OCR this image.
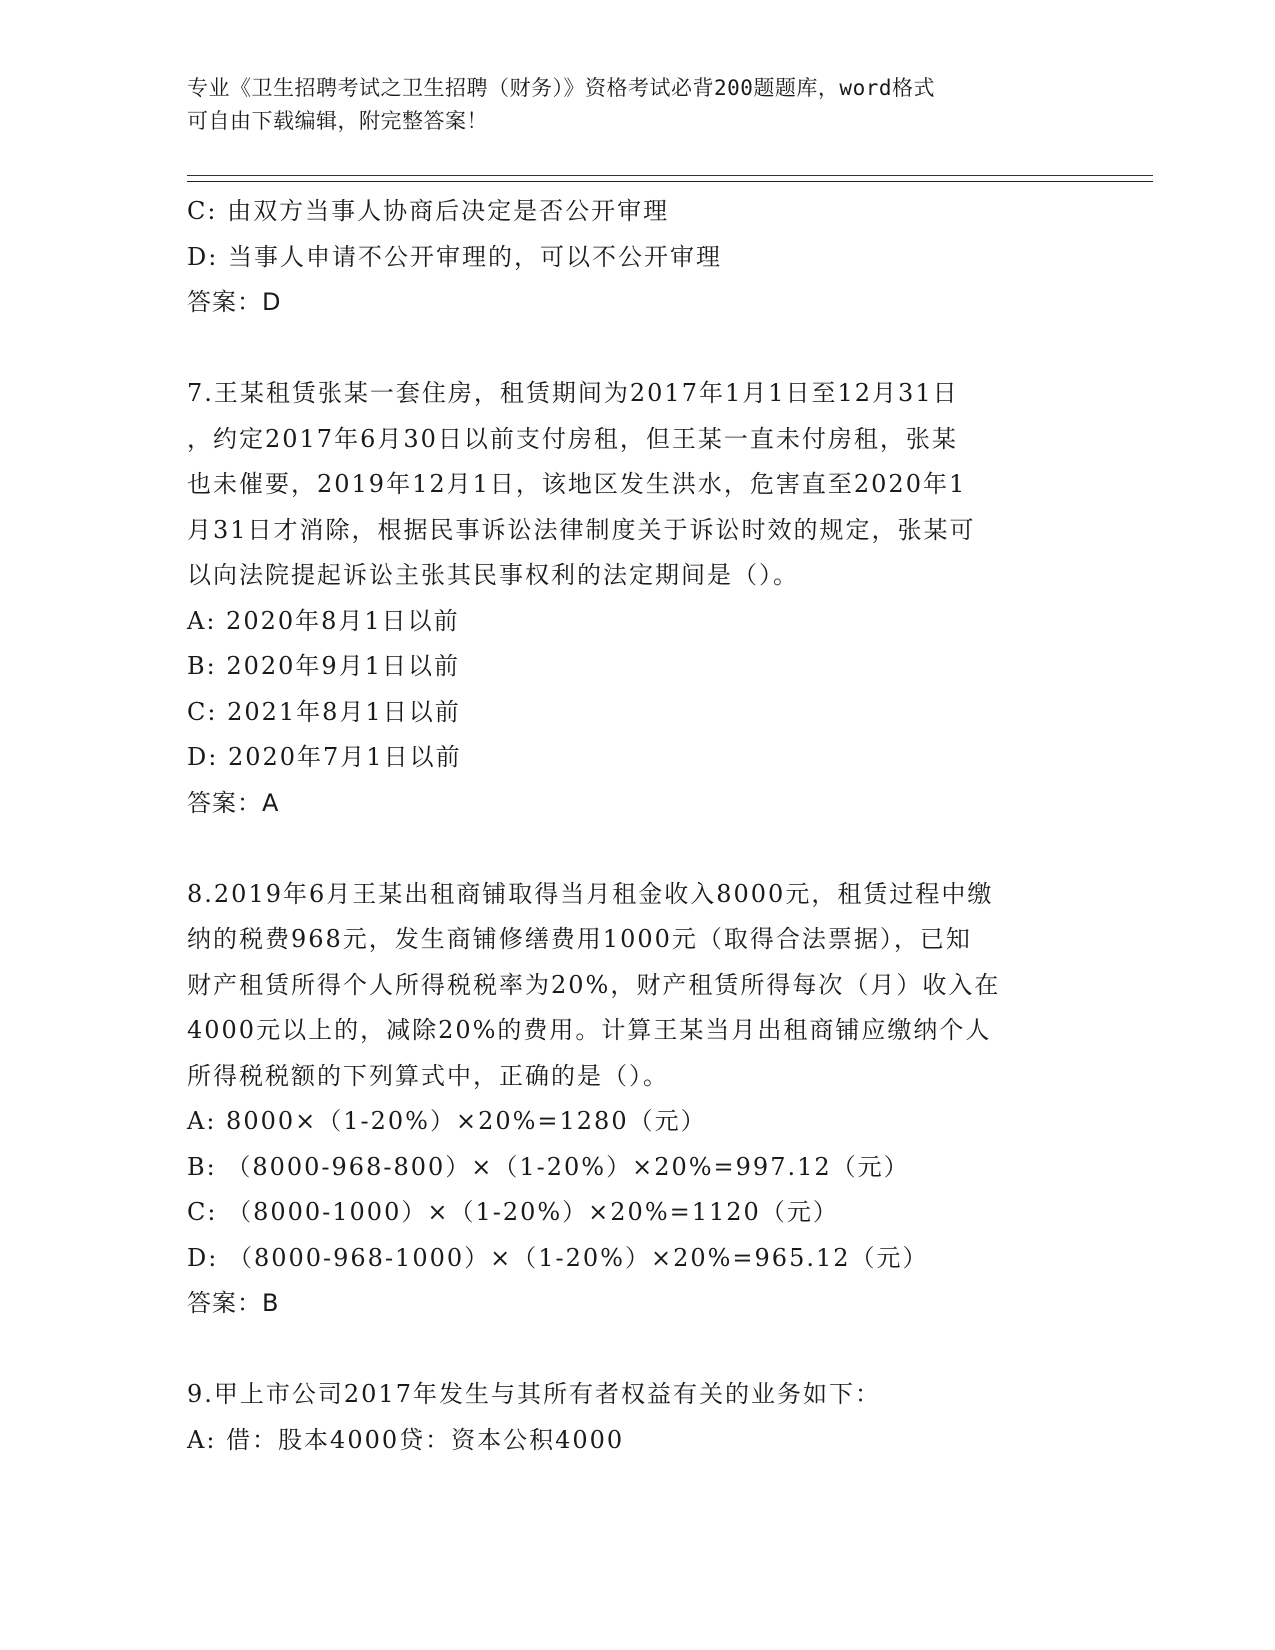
专业《卫生招聘考试之卫生招聘（财务）》资格考试必背200题题库，word格式
可自由下载编辑，附完整答案！
C: 由双方当事人协商后决定是否公开审理
D: 当事人申请不公开审理的，可以不公开审理
答案：D
7.王某租赁张某一套住房，租赁期间为2017年1月1日至12月31日
，约定2017年6月30日以前支付房租，但王某一直未付房租，张某
也未催要，2019年12月1日，该地区发生洪水，危害直至2020年1
月31日才消除，根据民事诉讼法律制度关于诉讼时效的规定，张某可
以向法院提起诉讼主张其民事权利的法定期间是（）。
A: 2020年8月1日以前
B: 2020年9月1日以前
C: 2021年8月1日以前
D: 2020年7月1日以前
答案：A
8.2019年6月王某出租商铺取得当月租金收入8000元，租赁过程中缴
纳的税费968元，发生商铺修缮费用1000元（取得合法票据），已知
财产租赁所得个人所得税税率为20%，财产租赁所得每次（月）收入在
4000元以上的，减除20%的费用。计算王某当月出租商铺应缴纳个人
所得税税额的下列算式中，正确的是（）。
A: 8000×（1-20%）×20%=1280（元）
B: （8000-968-800）×（1-20%）×20%=997.12（元）
C: （8000-1000）×（1-20%）×20%=1120（元）
D: （8000-968-1000）×（1-20%）×20%=965.12（元）
答案：B
9.甲上市公司2017年发生与其所有者权益有关的业务如下：
A: 借：股本4000贷：资本公积4000
